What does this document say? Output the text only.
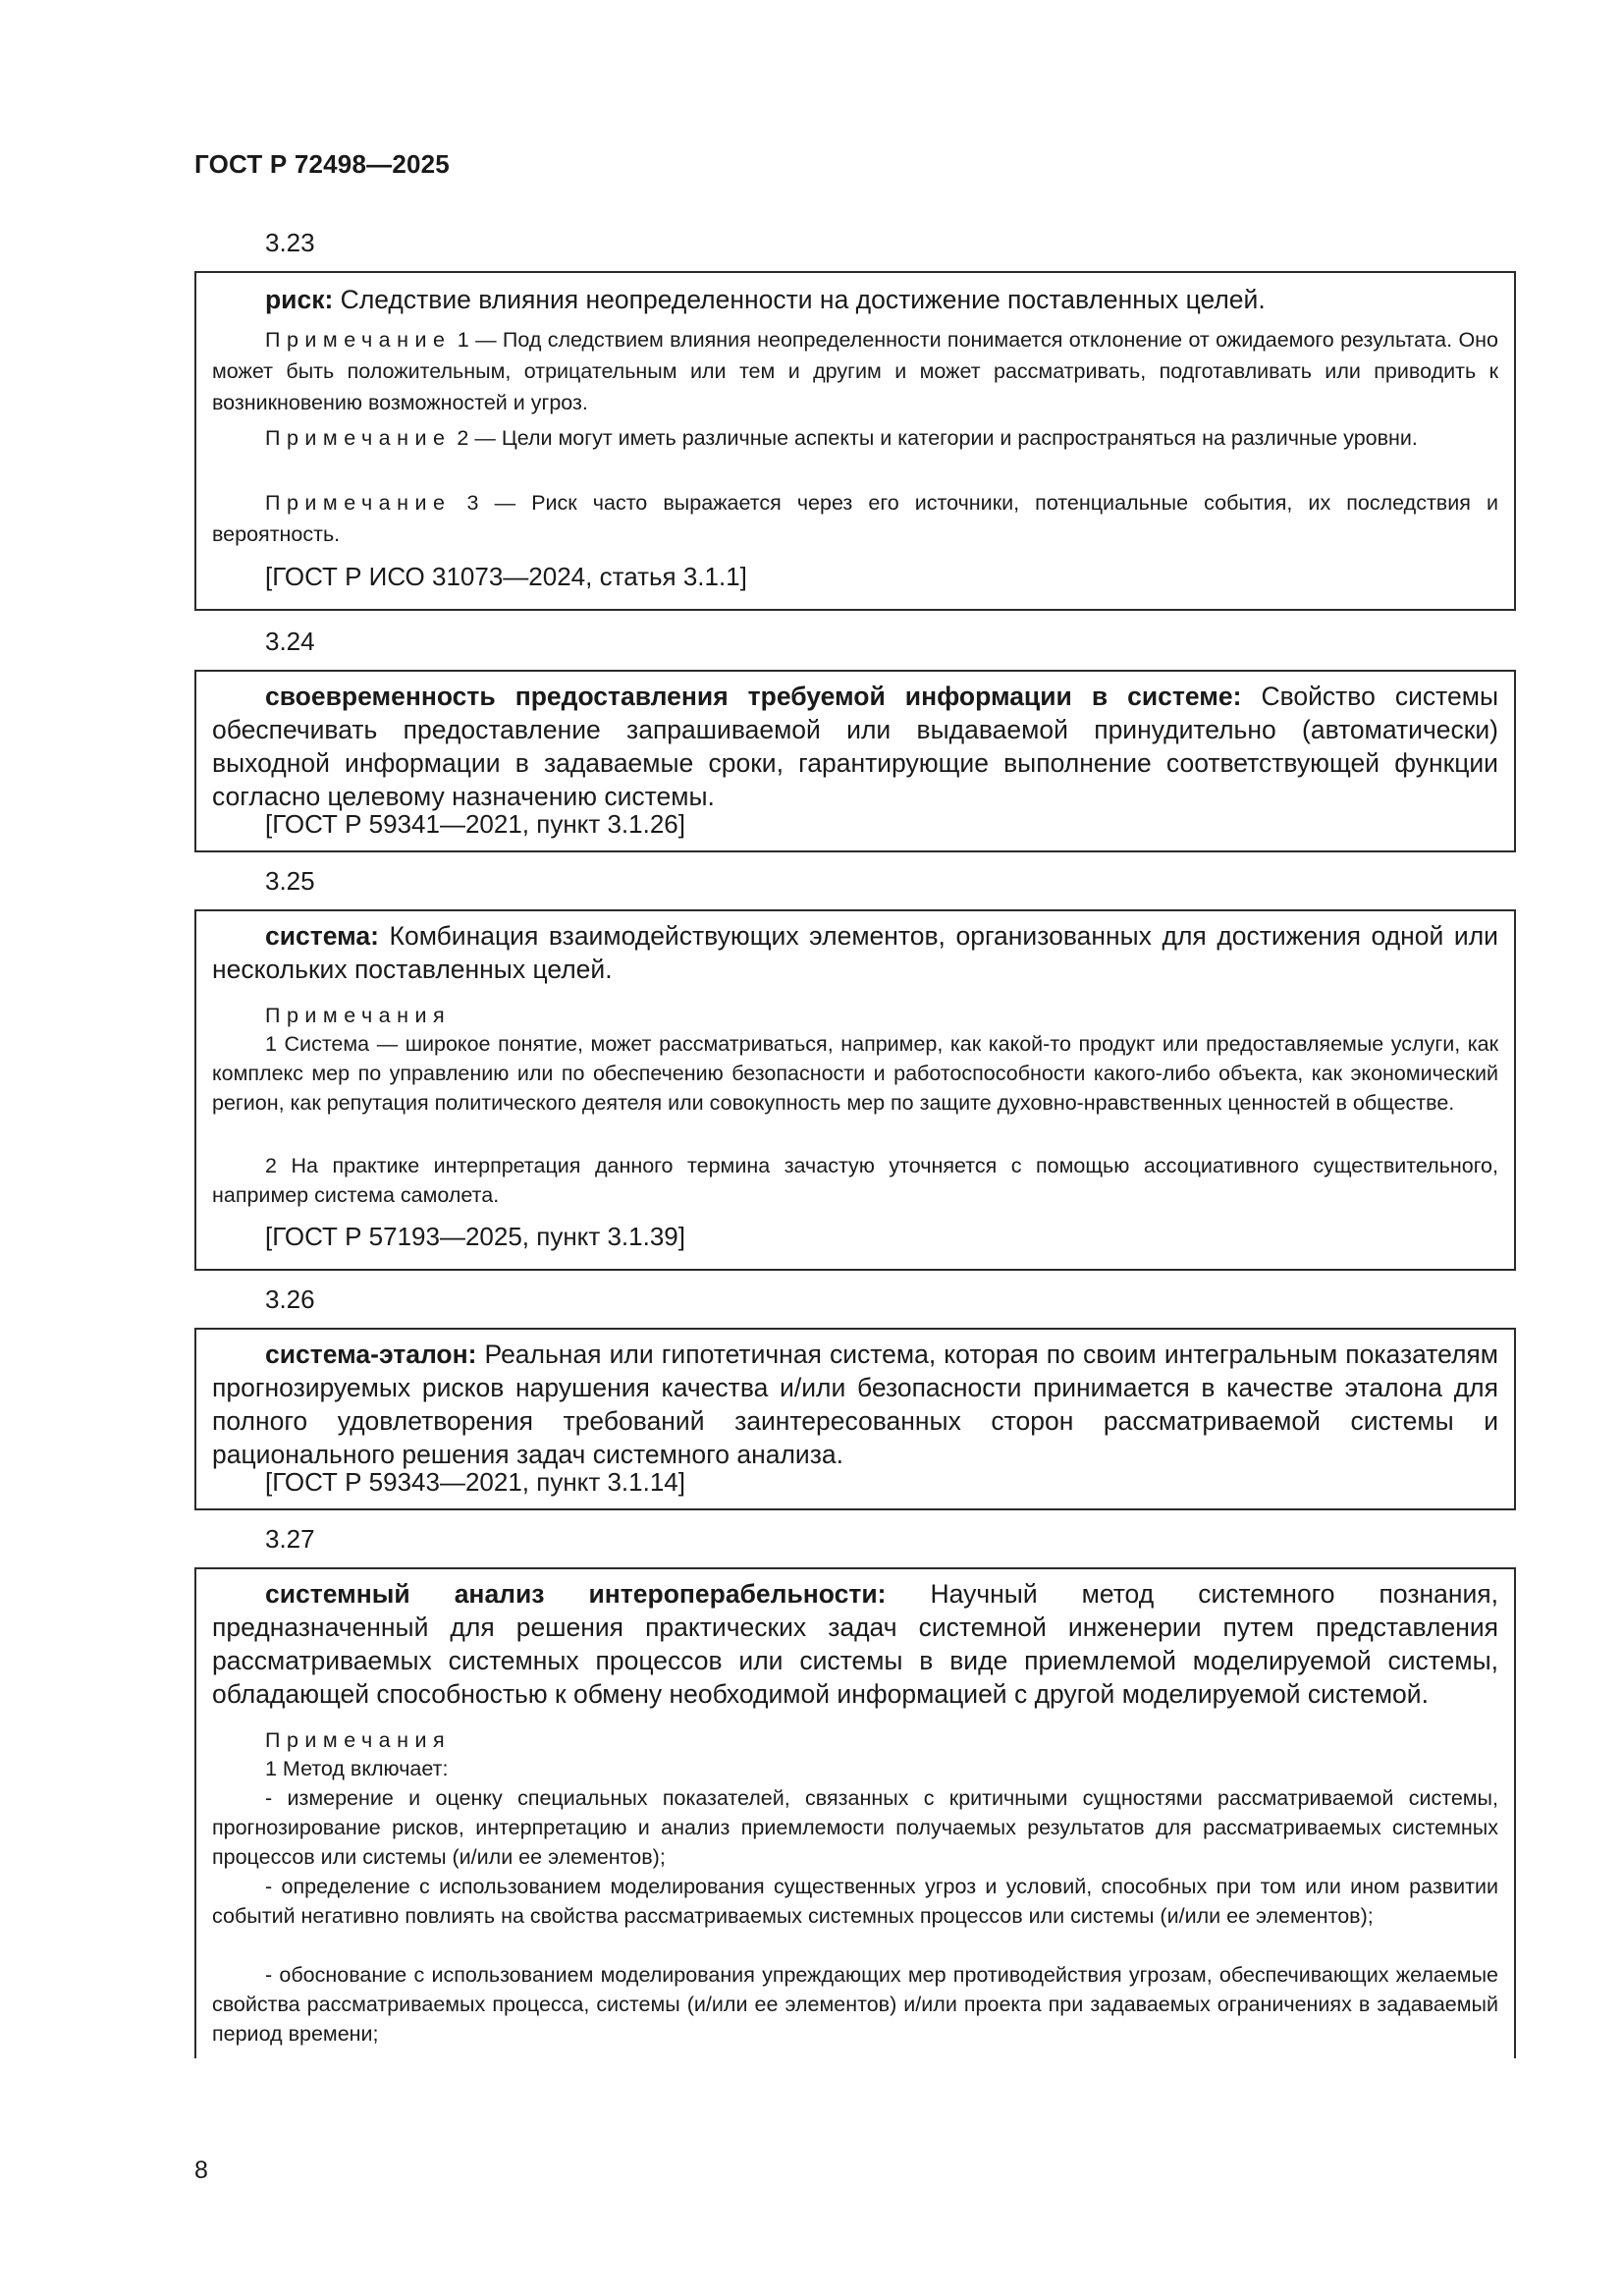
ГОСТ Р 72498—2025
3.23
риск: Следствие влияния неопределенности на достижение поставленных целей.
Примечание 1 — Под следствием влияния неопределенности понимается отклонение от ожидаемого результата. Оно может быть положительным, отрицательным или тем и другим и может рассматривать, подготавливать или приводить к возникновению возможностей и угроз.
Примечание 2 — Цели могут иметь различные аспекты и категории и распространяться на различные уровни.
Примечание 3 — Риск часто выражается через его источники, потенциальные события, их последствия и вероятность.
[ГОСТ Р ИСО 31073—2024, статья 3.1.1]
3.24
своевременность предоставления требуемой информации в системе: Свойство системы обеспечивать предоставление запрашиваемой или выдаваемой принудительно (автоматически) выходной информации в задаваемые сроки, гарантирующие выполнение соответствующей функции согласно целевому назначению системы.
[ГОСТ Р 59341—2021, пункт 3.1.26]
3.25
система: Комбинация взаимодействующих элементов, организованных для достижения одной или нескольких поставленных целей.
Примечания
1 Система — широкое понятие, может рассматриваться, например, как какой-то продукт или предоставляемые услуги, как комплекс мер по управлению или по обеспечению безопасности и работоспособности какого-либо объекта, как экономический регион, как репутация политического деятеля или совокупность мер по защите духовно-нравственных ценностей в обществе.
2 На практике интерпретация данного термина зачастую уточняется с помощью ассоциативного существительного, например система самолета.
[ГОСТ Р 57193—2025, пункт 3.1.39]
3.26
система-эталон: Реальная или гипотетичная система, которая по своим интегральным показателям прогнозируемых рисков нарушения качества и/или безопасности принимается в качестве эталона для полного удовлетворения требований заинтересованных сторон рассматриваемой системы и рационального решения задач системного анализа.
[ГОСТ Р 59343—2021, пункт 3.1.14]
3.27
системный анализ интероперабельности: Научный метод системного познания, предназначенный для решения практических задач системной инженерии путем представления рассматриваемых системных процессов или системы в виде приемлемой моделируемой системы, обладающей способностью к обмену необходимой информацией с другой моделируемой системой.
Примечания
1 Метод включает:
- измерение и оценку специальных показателей, связанных с критичными сущностями рассматриваемой системы, прогнозирование рисков, интерпретацию и анализ приемлемости получаемых результатов для рассматриваемых системных процессов или системы (и/или ее элементов);
- определение с использованием моделирования существенных угроз и условий, способных при том или ином развитии событий негативно повлиять на свойства рассматриваемых системных процессов или системы (и/или ее элементов);
- обоснование с использованием моделирования упреждающих мер противодействия угрозам, обеспечивающих желаемые свойства рассматриваемых процесса, системы (и/или ее элементов) и/или проекта при задаваемых ограничениях в задаваемый период времени;
8
